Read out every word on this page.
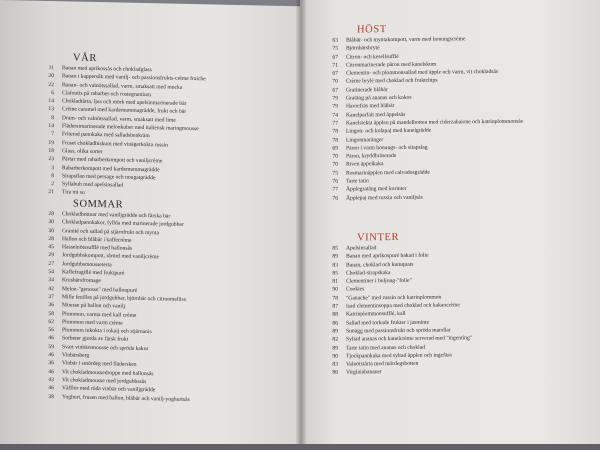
VÅR
11	Banan med aprikossås och chokladglass
20	Banan i kappersåk med vanilj- och passionsfrukts-crème fraiche
22	Banan- och valnötssallad, varm, smaksatt med mocka
6	Clafoutis på rabarber och rostegrantium
14	Chokladtårta, ljus och mörk med apelsinmarinerade bär
13	Crème caramel med kardemummagrädde, frukt och bär
8	Dram- och valnötssallad, varm, smaksatt med lime
14	Fläderstmarinerade melonkuber med italiensk maringmousse
7	Friterad pannkaka med salladsbenkräm
19	Fruset chokladhiskum med vinägerkokta russin
18	Glass, olika sorter
23	Pärtar med rabarberkompott och vaniljcrème
3	Rabarberkompott med kardemummagrädde
8	Sirapsflan med persage och nougatgrädde
2	Syllabub med apelsinsallad
21	Tira mi su
SOMMAR
28	Chokladbottnar med vaniljgrädde och färska bär
30	Chokladpannkakor, fyllda med marinerade jordgubbar
30	Granité och sallad på stjärnfrukt och mynta
28	Hallon och blåbär i kaffecrème
45	Hasselnötssufflé med hallonsås
29	Jordgubbskompott, rårörd med vaniljcrème
27	Jordgubbsmousseterta
54	Kaffefragiflé med fruktpuré
34	Krusbärsfromage
42	Melon-"genosse" med hallonpuré
37	Mille feuilles på jordgubbar, björnbär och citronmelliss
36	Mousse på hallon och vanilj
58	Plommon, varma med kall crème
62	Plommon med varm crème
56	Plommon inkokta i rokaij och stjärnanis
46	Sorbeter gjorda av färsk frukt
59	Svart vinbärsmousse och spröda kakor
46	Vinbärsberg
36	Vinbär i smördeg med flädersken
46	Vit chokladmoussedroppe med hallonsås
43	Vit chokladmousse med jordgubbssås
46	Våfflor med röda vinbär och vaniljgrädde
38	Yoghurt, frusen med hallon, blåbär och vanilj-yoghurtsås
HÖST
63	Blåbär- och myntakompott, varm med honungscrème
75	Björnbärsbryté
67	Citron- och kesellsufflé
71	Citronmarinerade päron med kanelskum
67	Clementin- och plommonsallad med äpple och varm, vit chokladsås
70	Crème brylé med choklad och fruktchips
67	Gratinerade blåbär
79	Gratäng på ananas och kokos
79	Havrefräs med blåbär
74	Kanelparfait med äppelsås
77	Kanelstekta äpplen på mandelbotten med ciderzabaione och katrinplommonsås
78	Lingon- och kolapaj med kanelgrädde
78	Lingonmaränger
69	Päron i varm honungs- och sitapslag
70	Päron, kryddbräserade
70	Riven äppelkaka
75	Rosmarinäpplen med calvadosgrädde
76	Tarte tatin
77	Äpplegratäng med korinter
76	Äpplepaj med russin och vaniljsås
VINTER
85	Apelsinsallad
89	Banan med aprikospuré bakad i folie
83	Banan, choklad och kumquats
85	Choklad-sirapskaka
81	Clementiner i buljong-"folie"
90	Cookies
78	"Ganache" med russin och katrinplommon
87	Isad clementinsoppa med choklad och kakaocrème
88	Katrinplommonsufflé, kall
86	Sallad med torkade frukter i jasminte
89	Snöägg med passionsfrukt och spröda mandlar
82	Syltad ananas och kanelcrème serverad med "ingenting"
89	Tarte tatin med ananas och choklad
90	Tjockpannkaka med syltad äpplen och ingefära
83	Valnötstårta med mördegsbotten
86	Virginiabananer
